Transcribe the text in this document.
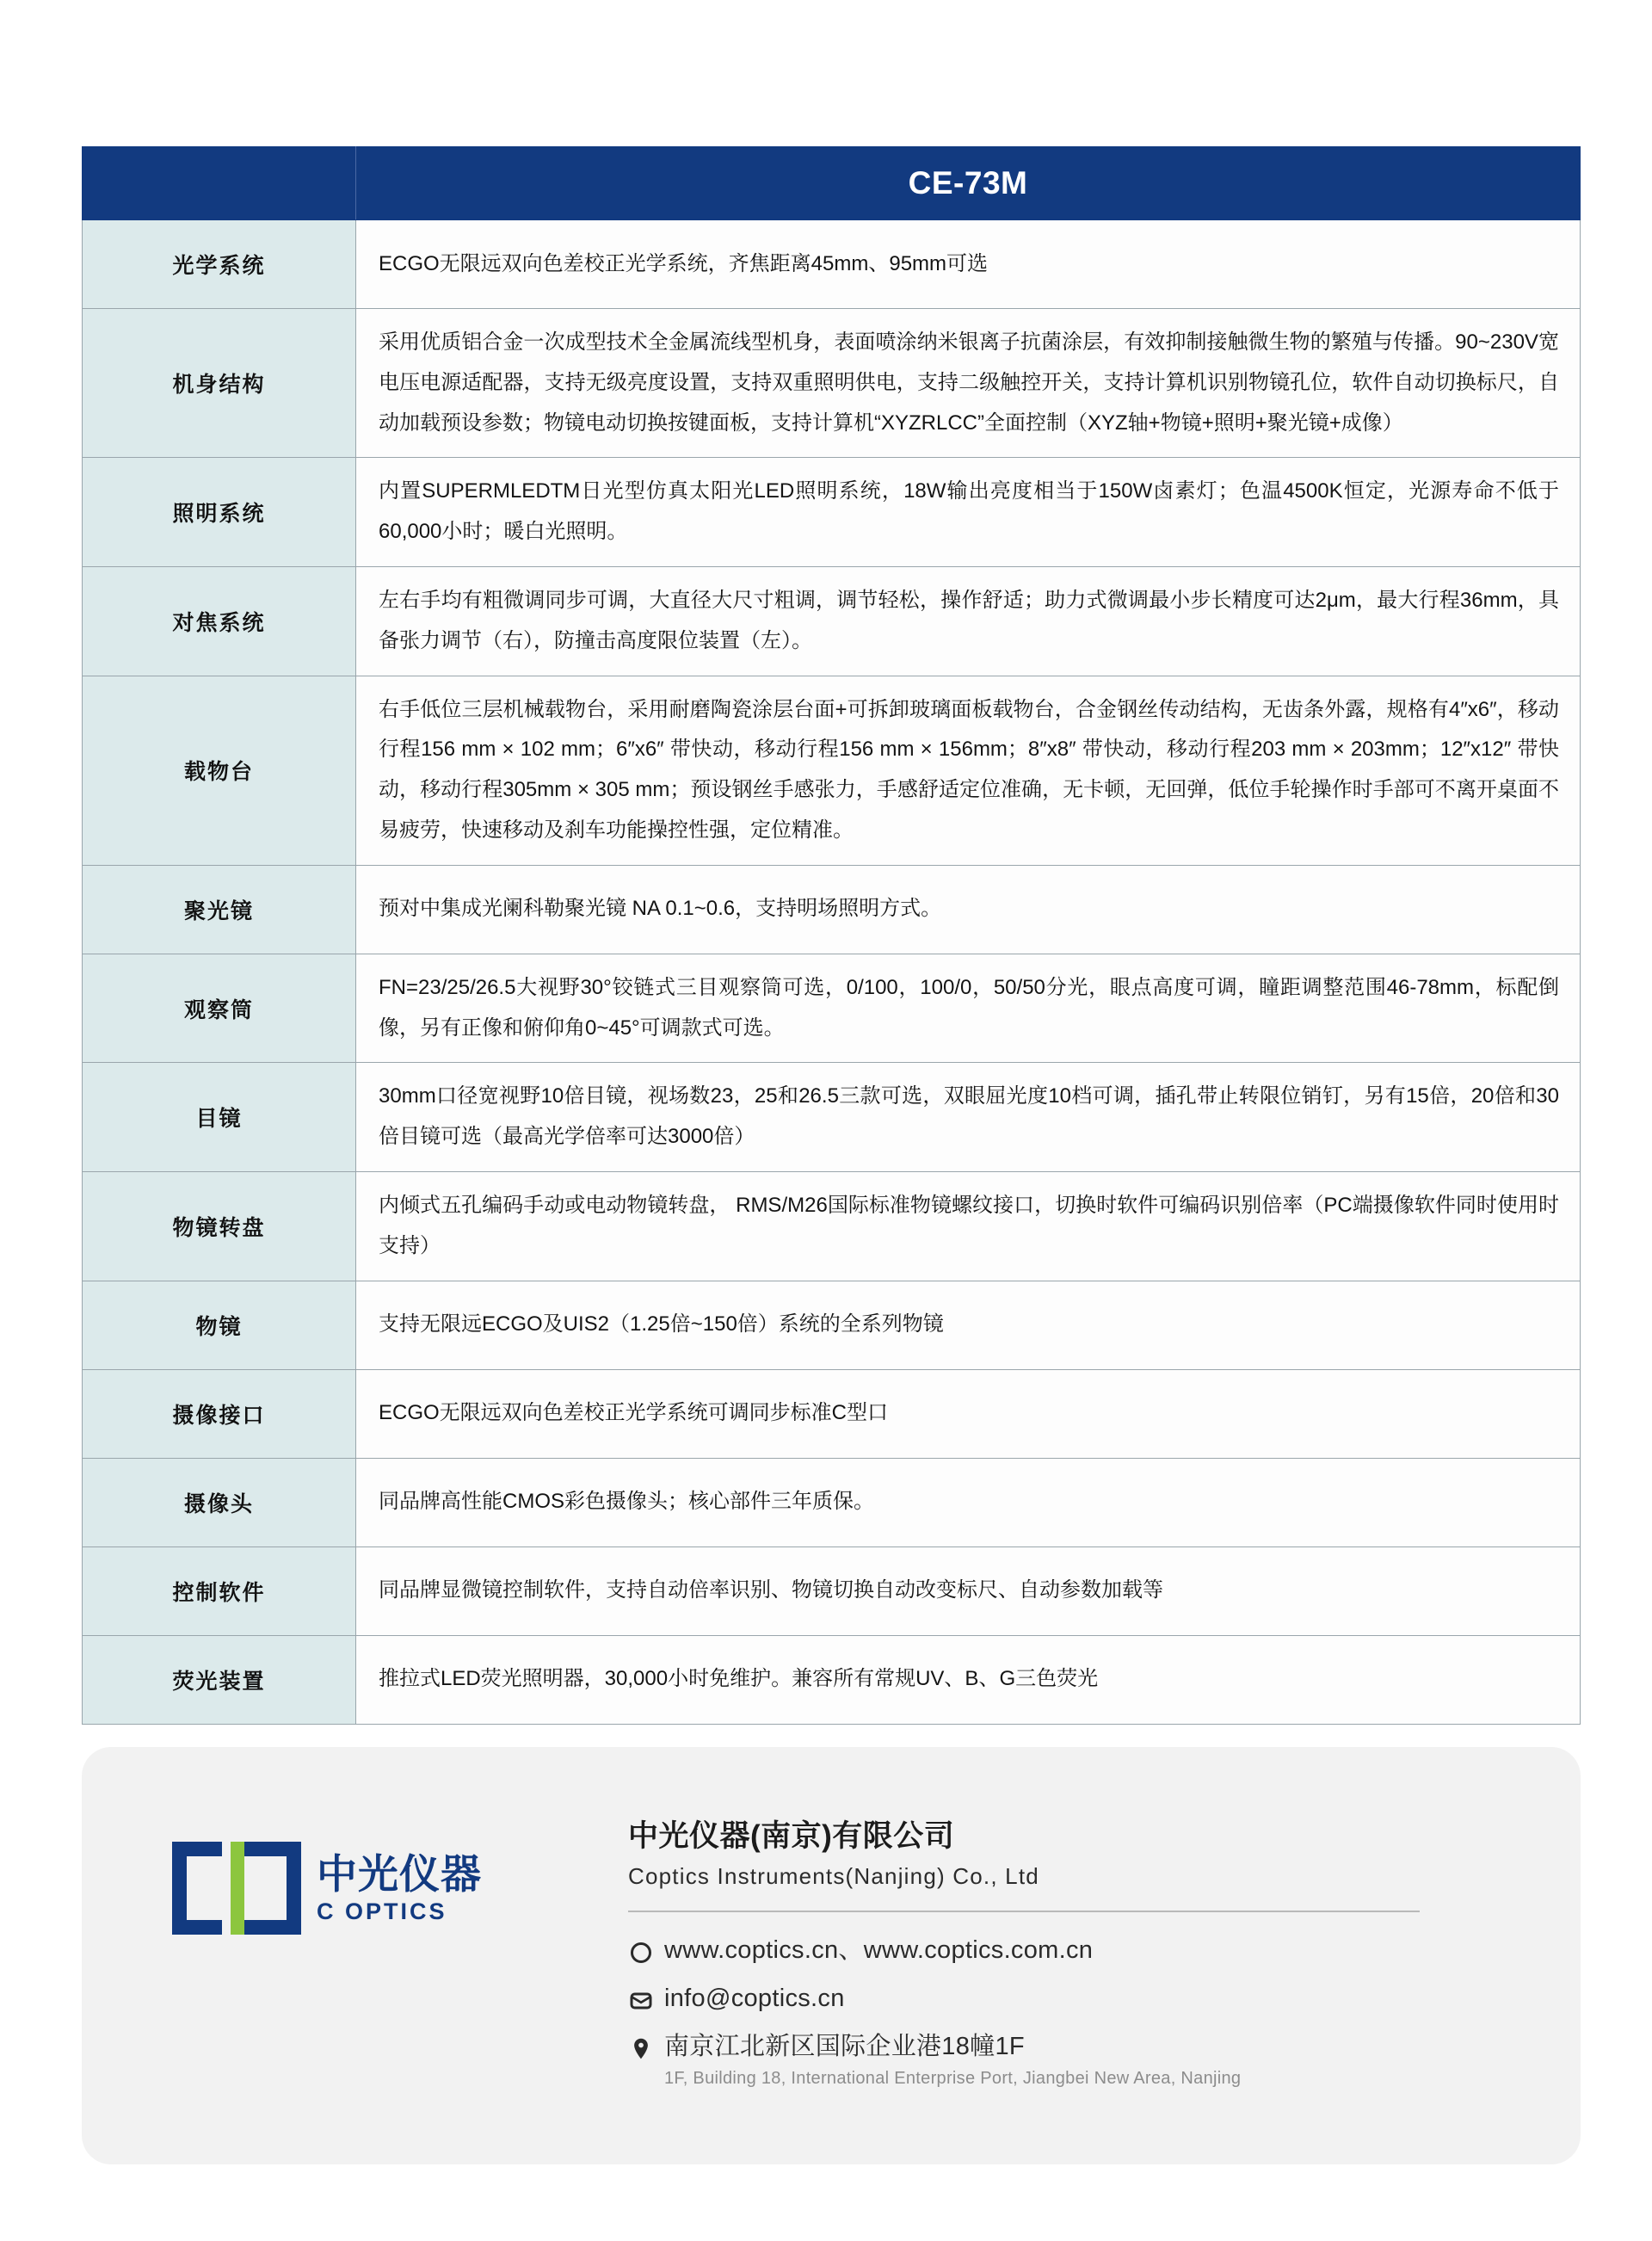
	CE-73M

光学系统	ECGO无限远双向色差校正光学系统，齐焦距离45mm、95mm可选
机身结构	采用优质铝合金一次成型技术全金属流线型机身，表面喷涂纳米银离子抗菌涂层，有效抑制接触微生物的繁殖与传播。90~230V宽电压电源适配器，支持无级亮度设置，支持双重照明供电，支持二级触控开关，支持计算机识别物镜孔位，软件自动切换标尺，自动加载预设参数；物镜电动切换按键面板，支持计算机“XYZRLCC”全面控制（XYZ轴+物镜+照明+聚光镜+成像）
照明系统	内置SUPERMLEDTM日光型仿真太阳光LED照明系统，18W输出亮度相当于150W卤素灯；色温4500K恒定，光源寿命不低于60,000小时；暖白光照明。
对焦系统	左右手均有粗微调同步可调，大直径大尺寸粗调，调节轻松，操作舒适；助力式微调最小步长精度可达2μm，最大行程36mm，具备张力调节（右），防撞击高度限位装置（左）。
载物台	右手低位三层机械载物台，采用耐磨陶瓷涂层台面+可拆卸玻璃面板载物台，合金钢丝传动结构，无齿条外露，规格有4″x6″，移动行程156 mm × 102 mm；6″x6″ 带快动，移动行程156 mm × 156mm；8″x8″ 带快动，移动行程203 mm × 203mm；12″x12″ 带快动，移动行程305mm × 305 mm；预设钢丝手感张力，手感舒适定位准确，无卡顿，无回弹，低位手轮操作时手部可不离开桌面不易疲劳，快速移动及刹车功能操控性强，定位精准。
聚光镜	预对中集成光阑科勒聚光镜 NA 0.1~0.6，支持明场照明方式。
观察筒	FN=23/25/26.5大视野30°铰链式三目观察筒可选，0/100，100/0，50/50分光，眼点高度可调，瞳距调整范围46-78mm，标配倒像，另有正像和俯仰角0~45°可调款式可选。
目镜	30mm口径宽视野10倍目镜，视场数23，25和26.5三款可选，双眼屈光度10档可调，插孔带止转限位销钉，另有15倍，20倍和30倍目镜可选（最高光学倍率可达3000倍）
物镜转盘	内倾式五孔编码手动或电动物镜转盘， RMS/M26国际标准物镜螺纹接口，切换时软件可编码识别倍率（PC端摄像软件同时使用时支持）
物镜	支持无限远ECGO及UIS2（1.25倍~150倍）系统的全系列物镜
摄像接口	ECGO无限远双向色差校正光学系统可调同步标准C型口
摄像头	同品牌高性能CMOS彩色摄像头；核心部件三年质保。
控制软件	同品牌显微镜控制软件，支持自动倍率识别、物镜切换自动改变标尺、自动参数加载等
荧光装置	推拉式LED荧光照明器，30,000小时免维护。兼容所有常规UV、B、G三色荧光
中光仪器
C OPTICS
中光仪器(南京)有限公司
Coptics Instruments(Nanjing) Co., Ltd
www.coptics.cn、www.coptics.com.cn
info@coptics.cn
南京江北新区国际企业港18幢1F
1F, Building 18, International Enterprise Port, Jiangbei New Area, Nanjing
